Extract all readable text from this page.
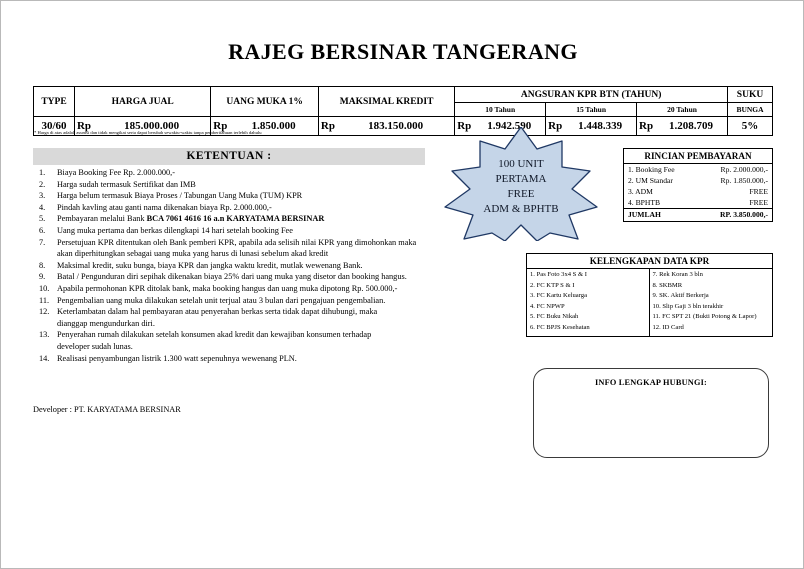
RAJEG BERSINAR TANGERANG
TYPE	HARGA JUAL		UANG MUKA 1%		MAKSIMAL KREDIT		ANGSURAN KPR BTN (TAHUN)						SUKU
							10 Tahun		15 Tahun		20 Tahun		BUNGA
30/60	Rp	185.000.000	Rp	1.850.000	Rp	183.150.000	Rp	1.942.590	Rp	1.448.339	Rp	1.208.709	5%
* Harga di atas adalah asumsi dan tidak mengikat serta dapat berubah sewaktu-waktu tanpa pemberitahuan terlebih dahulu
KETENTUAN :
1.	Biaya Booking Fee Rp. 2.000.000,-
2.	Harga sudah termasuk Sertifikat dan IMB
3.	Harga belum termasuk Biaya Proses / Tabungan Uang Muka (TUM) KPR
4.	Pindah kavling atau ganti nama dikenakan biaya Rp. 2.000.000,-
5.	Pembayaran melalui Bank BCA 7061 4616 16 a.n KARYATAMA BERSINAR
6.	Uang muka pertama dan berkas dilengkapi 14 hari setelah booking Fee
7.	Persetujuan KPR ditentukan oleh Bank pemberi KPR, apabila ada selisih nilai KPR yang dimohonkan maka
akan diperhitungkan sebagai uang muka yang harus di lunasi sebelum akad kredit
8.	Maksimal kredit, suku bunga, biaya KPR dan jangka waktu kredit, mutlak wewenang Bank.
9.	Batal / Pengunduran diri sepihak dikenakan biaya 25% dari uang muka yang disetor dan booking hangus.
10. Apabila permohonan KPR ditolak bank, maka booking hangus dan uang muka dipotong Rp. 500.000,-
11. Pengembalian uang muka dilakukan setelah unit terjual atau 3 bulan dari pengajuan pengembalian.
12. Keterlambatan dalam hal pembayaran atau penyerahan berkas serta tidak dapat dihubungi, maka
dianggap mengundurkan diri.
13. Penyerahan rumah dilakukan setelah konsumen akad kredit dan kewajiban konsumen terhadap
developer sudah lunas.
14. Realisasi penyambungan listrik 1.300 watt sepenuhnya wewenang PLN.
Developer : PT. KARYATAMA BERSINAR
100 UNIT
PERTAMA
FREE
ADM & BPHTB
RINCIAN PEMBAYARAN
1. Booking Fee	Rp. 2.000.000,-
2. UM Standar	Rp. 1.850.000,-
3. ADM	FREE
4. BPHTB	FREE
JUMLAH	RP. 3.850.000,-
KELENGKAPAN DATA KPR
1. Pas Foto 3x4 S & I
2. FC KTP S & I
3. FC Kartu Keluarga
4. FC NPWP
5. FC Buku Nikah
6. FC BPJS Kesehatan
7. Rek Koran 3 bln
8. SKBMR
9. SK. Aktif Berkerja
10. Slip Gaji 3 bln terakhir
11. FC SPT 21 (Bukti Potong & Lapor)
12. ID Card
INFO LENGKAP HUBUNGI:
